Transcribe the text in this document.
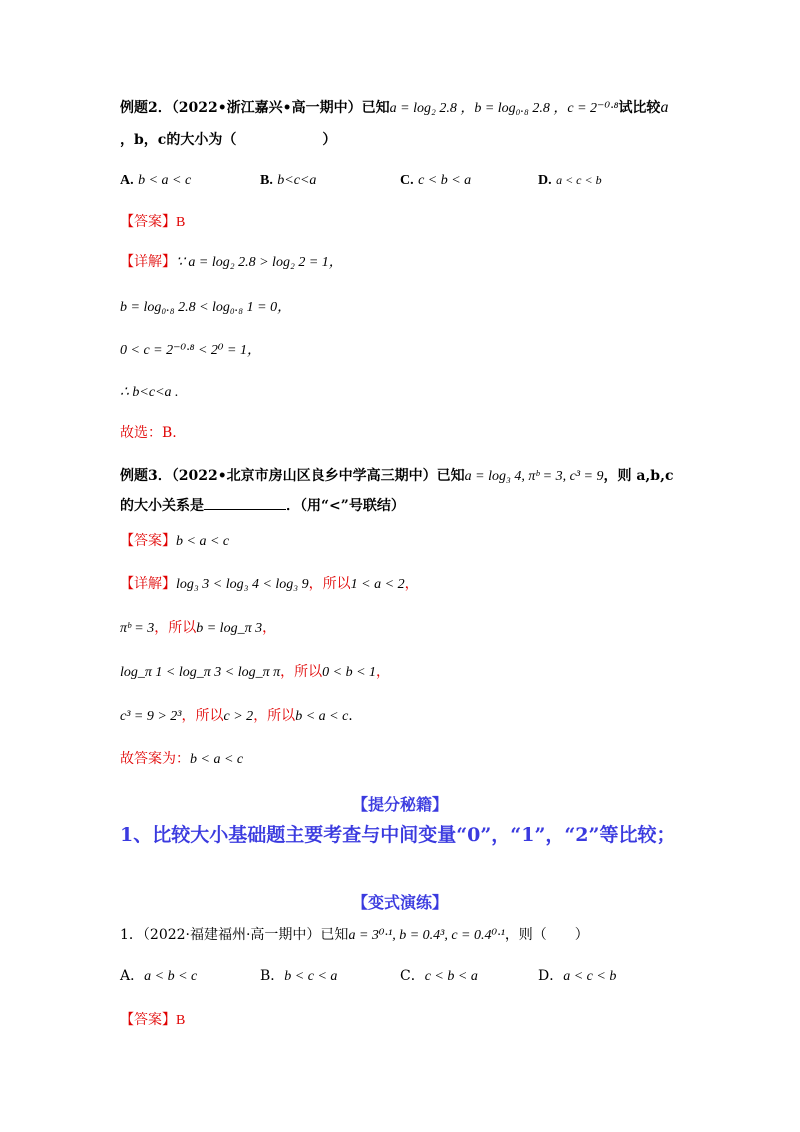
例题2．（2022•浙江嘉兴•高一期中）已知a = log₂ 2.8 ，b = log₀.₈ 2.8 ，c = 2⁻⁰·⁸试比较a
，b，c的大小为（	）
A. b < a < c	B. b<c<a	C. c < b < a	D. a < c < b
【答案】B
【详解】∵ a = log₂ 2.8 > log₂ 2 = 1，
b = log₀.₈ 2.8 < log₀.₈ 1 = 0，
0 < c = 2⁻⁰·⁸ < 2⁰ = 1，
∴ b<c<a .
故选：B.
例题3．（2022•北京市房山区良乡中学高三期中）已知a = log₃ 4, πᵇ = 3, c³ = 9，则 a,b,c
的大小关系是	．（用“<”号联结）
【答案】b < a < c
【详解】log₃ 3 < log₃ 4 < log₃ 9，所以1 < a < 2，
πᵇ = 3，所以b = log_π 3，
log_π 1 < log_π 3 < log_π π，所以0 < b < 1，
c³ = 9 > 2³，所以c > 2，所以b < a < c.
故答案为：b < a < c
【提分秘籍】
1、比较大小基础题主要考查与中间变量“0”，“1”，“2”等比较；
【变式演练】
1．（2022·福建福州·高一期中）已知a = 3⁰·¹, b = 0.4³, c = 0.4⁰·¹，则（　　）
A．a < b < c	B．b < c < a	C．c < b < a	D．a < c < b
【答案】B
